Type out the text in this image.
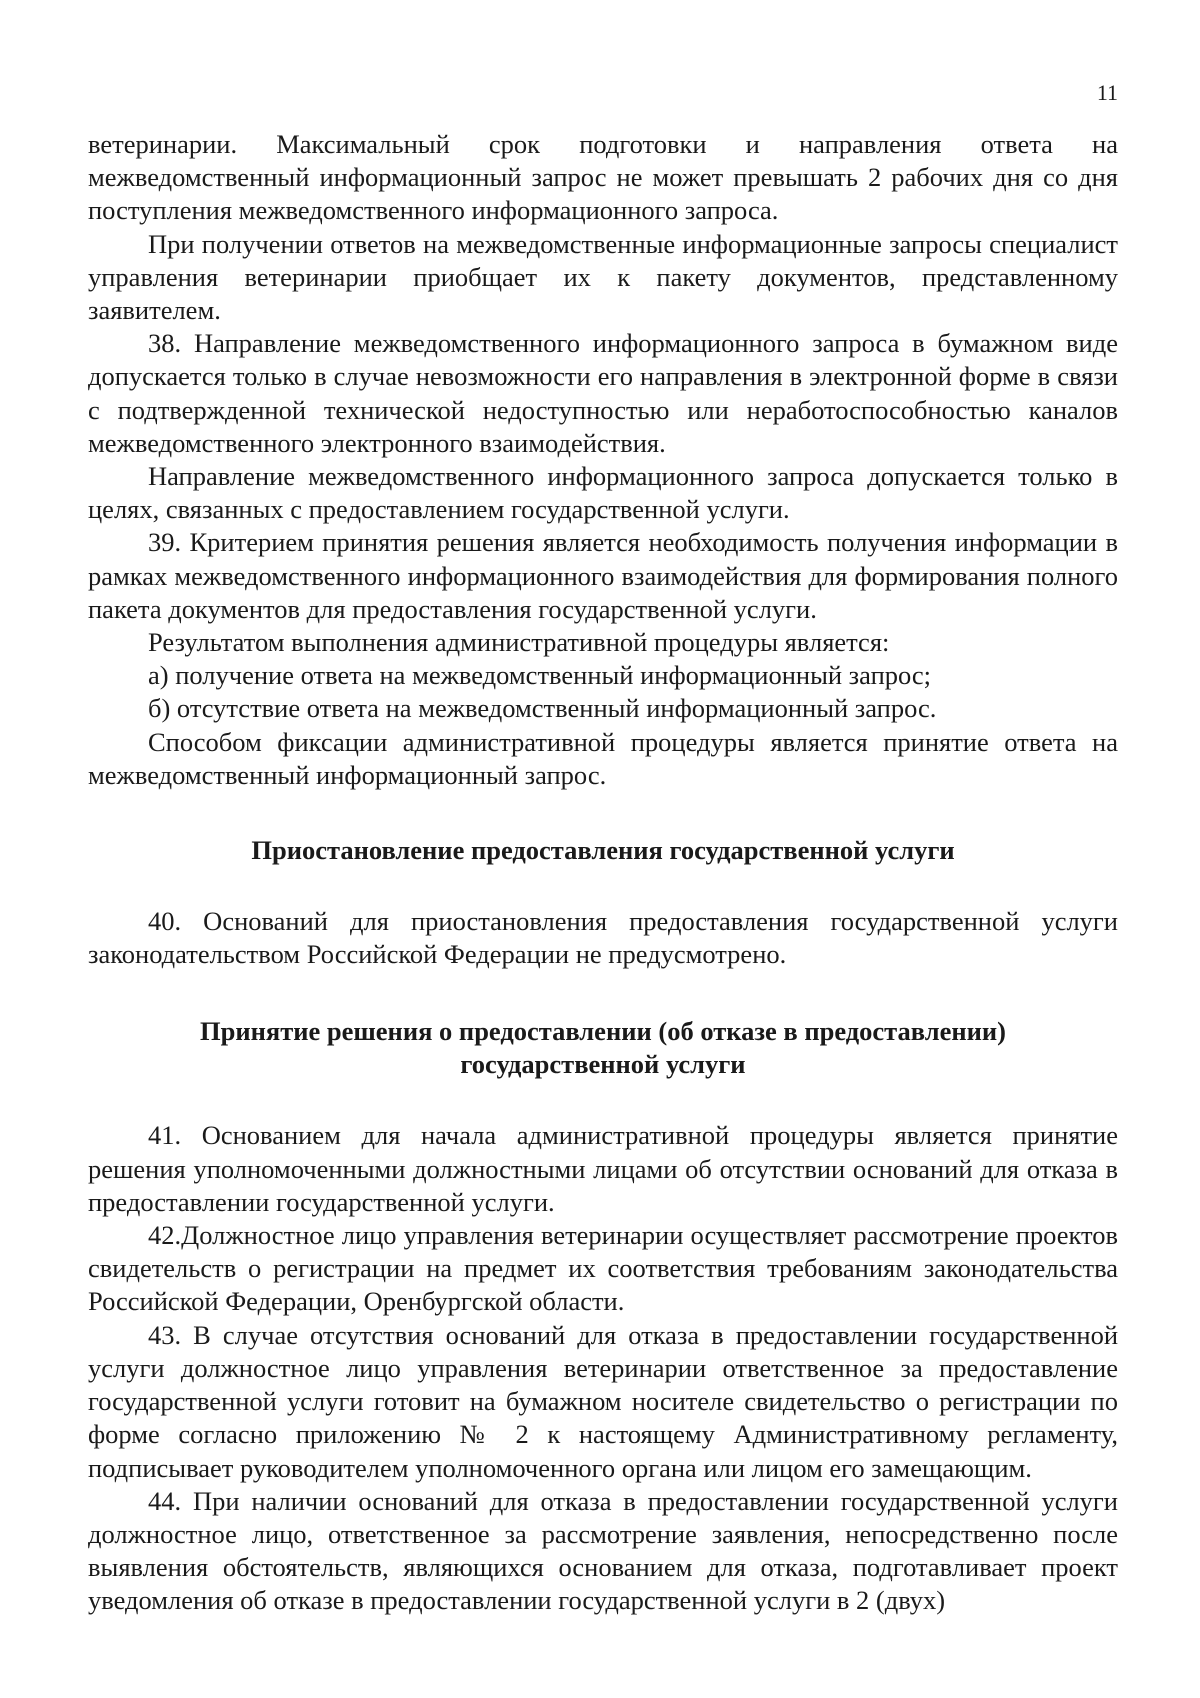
11

ветеринарии. Максимальный срок подготовки и направления ответа на межведомственный информационный запрос не может превышать 2 рабочих дня со дня поступления межведомственного информационного запроса.

При получении ответов на межведомственные информационные запросы специалист управления ветеринарии приобщает их к пакету документов, представленному заявителем.

38. Направление межведомственного информационного запроса в бумажном виде допускается только в случае невозможности его направления в электронной форме в связи с подтвержденной технической недоступностью или неработоспособностью каналов межведомственного электронного взаимодействия.

Направление межведомственного информационного запроса допускается только в целях, связанных с предоставлением государственной услуги.

39. Критерием принятия решения является необходимость получения информации в рамках межведомственного информационного взаимодействия для формирования полного пакета документов для предоставления государственной услуги.

Результатом выполнения административной процедуры является:

а) получение ответа на межведомственный информационный запрос;

б) отсутствие ответа на межведомственный информационный запрос.

Способом фиксации административной процедуры является принятие ответа на межведомственный информационный запрос.

Приостановление предоставления государственной услуги

40. Оснований для приостановления предоставления государственной услуги законодательством Российской Федерации не предусмотрено.

Принятие решения о предоставлении (об отказе в предоставлении)

государственной услуги

41. Основанием для начала административной процедуры является принятие решения уполномоченными должностными лицами об отсутствии оснований для отказа в предоставлении государственной услуги.

42.Должностное лицо управления ветеринарии осуществляет рассмотрение проектов свидетельств о регистрации на предмет их соответствия требованиям законодательства Российской Федерации, Оренбургской области.

43. В случае отсутствия оснований для отказа в предоставлении государственной услуги должностное лицо управления ветеринарии ответственное за предоставление государственной услуги готовит на бумажном носителе свидетельство о регистрации по форме согласно приложению № 2 к настоящему Административному регламенту, подписывает руководителем уполномоченного органа или лицом его замещающим.

44. При наличии оснований для отказа в предоставлении государственной услуги должностное лицо, ответственное за рассмотрение заявления, непосредственно после выявления обстоятельств, являющихся основанием для отказа, подготавливает проект уведомления об отказе в предоставлении государственной услуги в 2 (двух)
